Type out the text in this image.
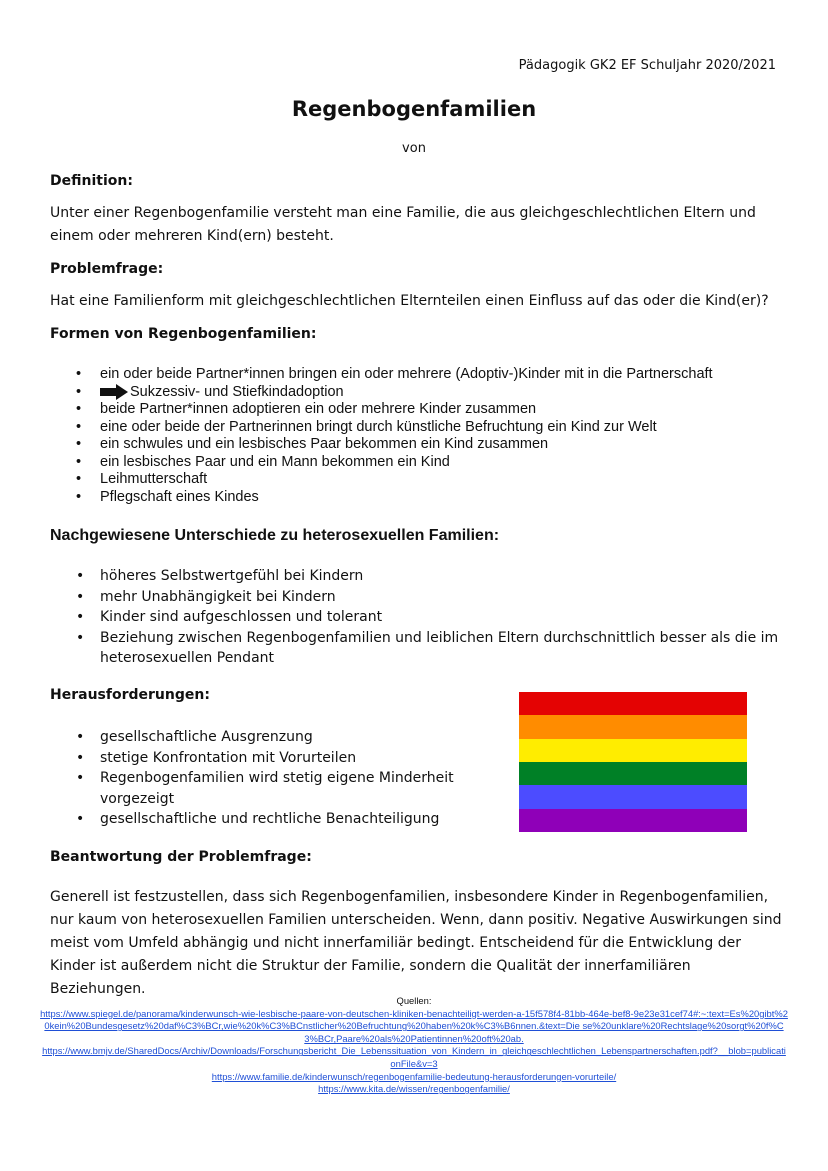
Pädagogik GK2 EF Schuljahr 2020/2021
Regenbogenfamilien
von
Definition:
Unter einer Regenbogenfamilie versteht man eine Familie, die aus gleichgeschlechtlichen Eltern und einem oder mehreren Kind(ern) besteht.
Problemfrage:
Hat eine Familienform mit gleichgeschlechtlichen Elternteilen einen Einfluss auf das oder die Kind(er)?
Formen von Regenbogenfamilien:
• ein oder beide Partner*innen bringen ein oder mehrere (Adoptiv-)Kinder mit in die Partnerschaft
• Sukzessiv- und Stiefkindadoption
• beide Partner*innen adoptieren ein oder mehrere Kinder zusammen
• eine oder beide der Partnerinnen bringt durch künstliche Befruchtung ein Kind zur Welt
• ein schwules und ein lesbisches Paar bekommen ein Kind zusammen
• ein lesbisches Paar und ein Mann bekommen ein Kind
• Leihmutterschaft
• Pflegschaft eines Kindes
Nachgewiesene Unterschiede zu heterosexuellen Familien:
• höheres Selbstwertgefühl bei Kindern
• mehr Unabhängigkeit bei Kindern
• Kinder sind aufgeschlossen und tolerant
• Beziehung zwischen Regenbogenfamilien und leiblichen Eltern durchschnittlich besser als die im heterosexuellen Pendant
Herausforderungen:
• gesellschaftliche Ausgrenzung
• stetige Konfrontation mit Vorurteilen
• Regenbogenfamilien wird stetig eigene Minderheit vorgezeigt
• gesellschaftliche und rechtliche Benachteiligung
Beantwortung der Problemfrage:
Generell ist festzustellen, dass sich Regenbogenfamilien, insbesondere Kinder in Regenbogenfamilien, nur kaum von heterosexuellen Familien unterscheiden. Wenn, dann positiv. Negative Auswirkungen sind meist vom Umfeld abhängig und nicht innerfamiliär bedingt. Entscheidend für die Entwicklung der Kinder ist außerdem nicht die Struktur der Familie, sondern die Qualität der innerfamiliären Beziehungen.
Quellen:
https://www.spiegel.de/panorama/kinderwunsch-wie-lesbische-paare-von-deutschen-kliniken-benachteiligt-werden-a-15f578f4-81bb-464e-bef8-9e23e31cef74#:~:text=Es%20gibt%20kein%20Bundesgesetz%20daf%C3%BCr,wie%20k%C3%BCnstlicher%20Befruchtung%20haben%20k%C3%B6nnen.&text=Die se%20unklare%20Rechtslage%20sorgt%20f%C3%BCr,Paare%20als%20Patientinnen%20oft%20ab.
https://www.bmjv.de/SharedDocs/Archiv/Downloads/Forschungsbericht_Die_Lebenssituation_von_Kindern_in_gleichgeschlechtlichen_Lebenspartnerschaften.pdf?__blob=publicationFile&v=3
https://www.familie.de/kinderwunsch/regenbogenfamilie-bedeutung-herausforderungen-vorurteile/
https://www.kita.de/wissen/regenbogenfamilie/
